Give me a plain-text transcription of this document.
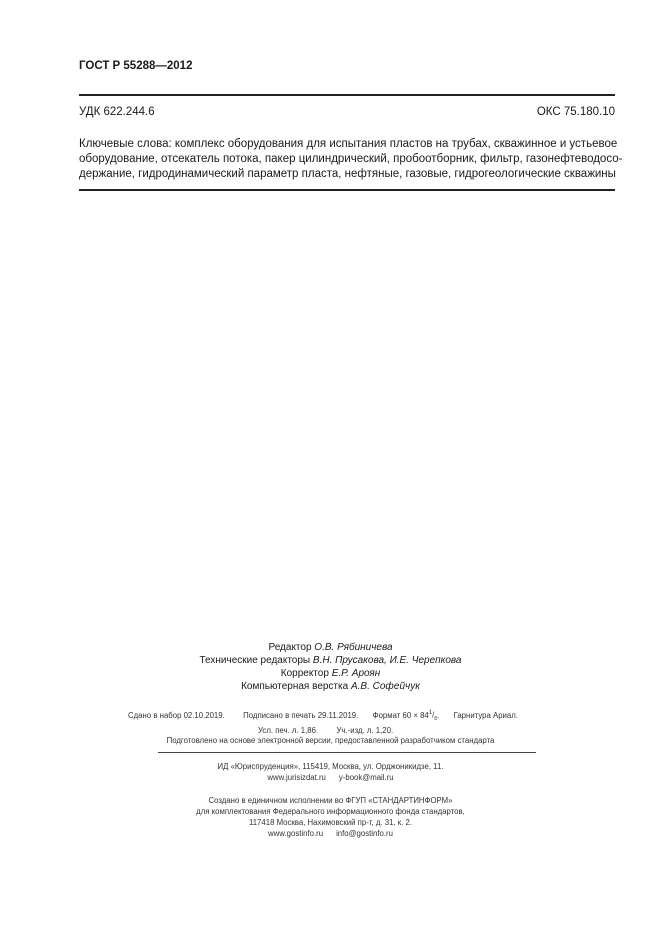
ГОСТ Р 55288—2012
УДК 622.244.6	ОКС 75.180.10
Ключевые слова: комплекс оборудования для испытания пластов на трубах, скважинное и устьевое
оборудование, отсекатель потока, пакер цилиндрический, пробоотборник, фильтр, газонефтеводосо-
держание, гидродинамический параметр пласта, нефтяные, газовые, гидрогеологические скважины
Редактор О.В. Рябиничева
Технические редакторы В.Н. Прусакова, И.Е. Черепкова
Корректор Е.Р. Ароян
Компьютерная верстка А.В. Софейчук
Сдано в набор 02.10.2019. Подписано в печать 29.11.2019. Формат $60 \times 84^1/_8$. Гарнитура Ариал.
Усл. печ. л. 1,86. Уч.-изд. л. 1,20.
Подготовлено на основе электронной версии, предоставленной разработчиком стандарта
ИД «Юриспруденция», 115419, Москва, ул. Орджоникидзе, 11.
www.jurisizdat.ru y-book@mail.ru
Создано в единичном исполнении во ФГУП «СТАНДАРТИНФОРМ»
для комплектования Федерального информационного фонда стандартов,
117418 Москва, Нахимовский пр-т, д. 31, к. 2.
www.gostinfo.ru info@gostinfo.ru
